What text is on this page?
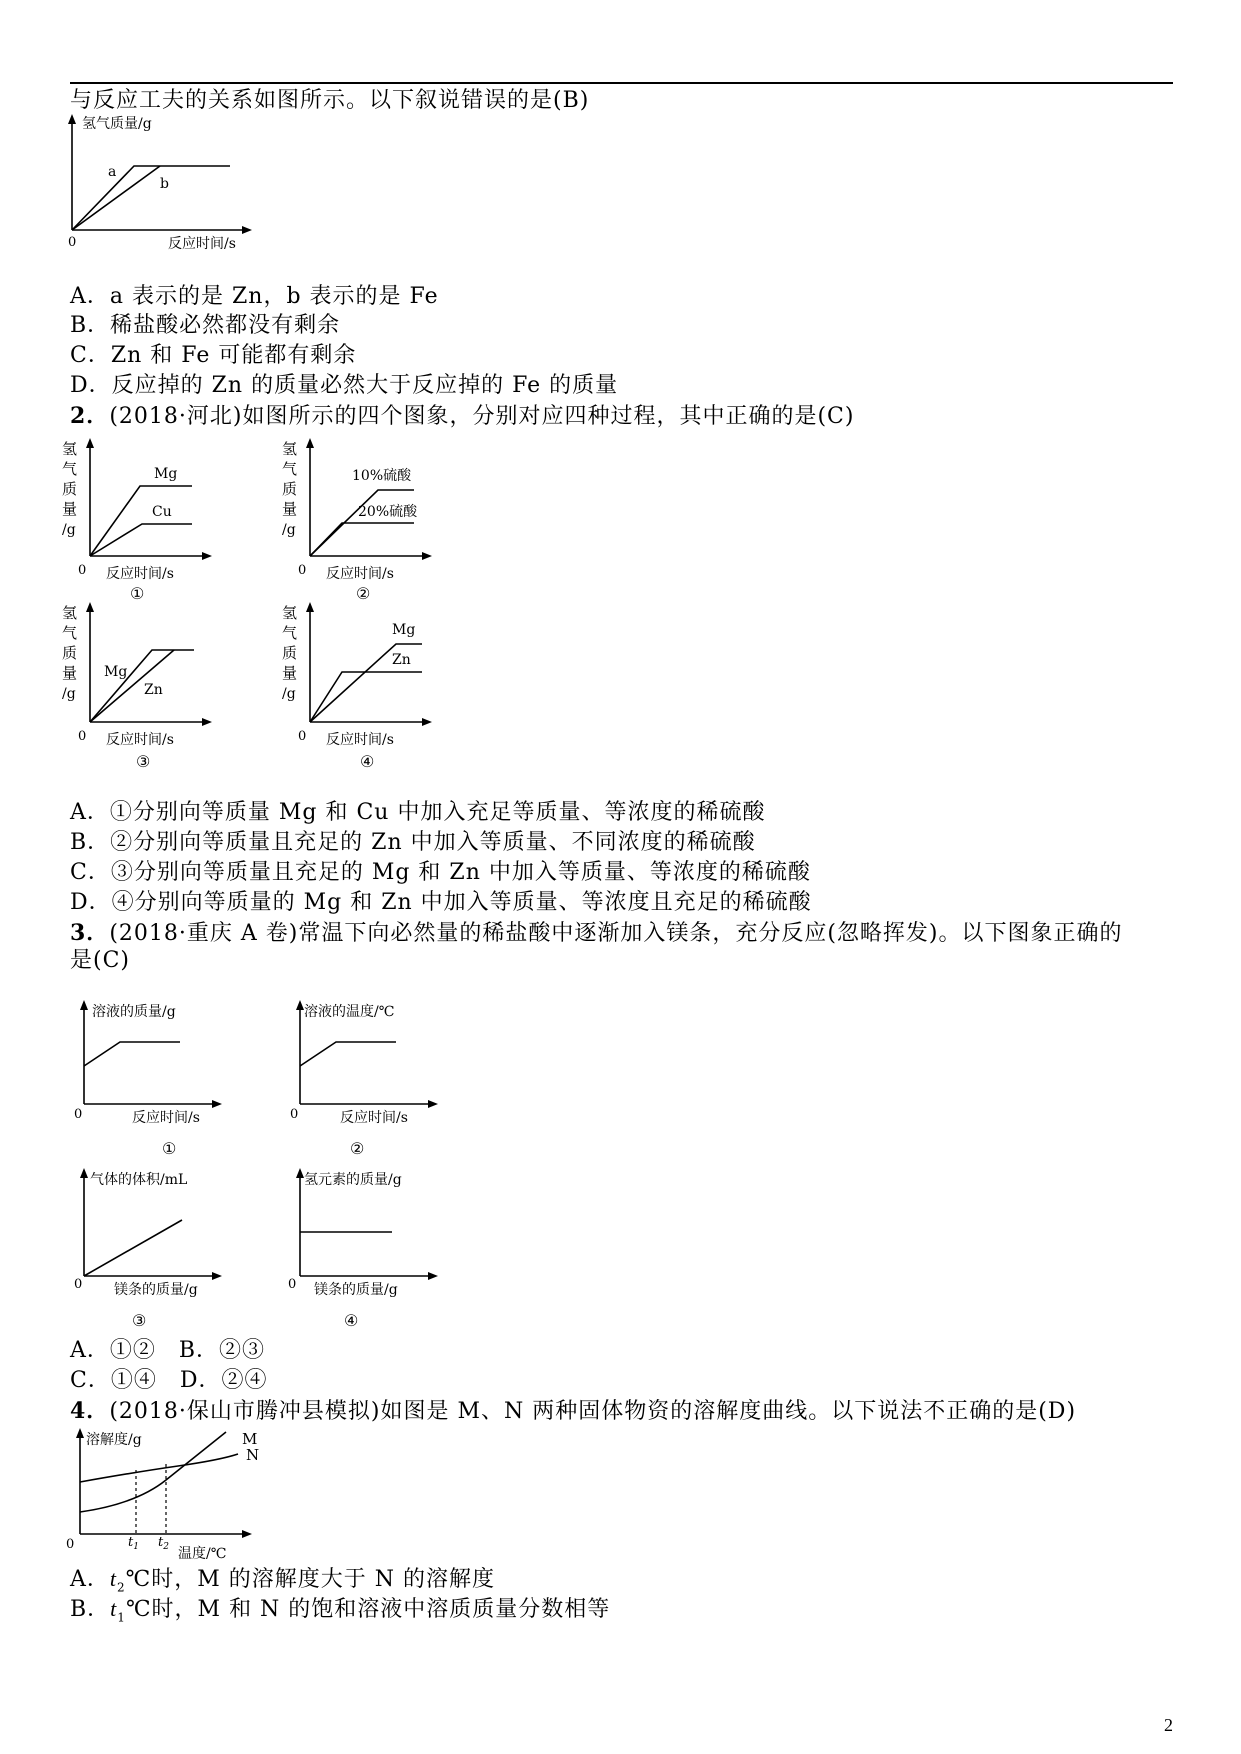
与反应工夫的关系如图所示。以下叙说错误的是(B)
氢气质量/g
a
b
0	反应时间/s
A．a 表示的是 Zn，b 表示的是 Fe
B．稀盐酸必然都没有剩余
C．Zn 和 Fe 可能都有剩余
D．反应掉的 Zn 的质量必然大于反应掉的 Fe 的质量
2．(2018·河北)如图所示的四个图象，分别对应四种过程，其中正确的是(C)
氢
气
质
量
/g
Mg
Cu
0 反应时间/s
①
氢
气
质
量
/g
10%硫酸
20%硫酸
0 反应时间/s
②
氢
气
质
量
/g
Mg
Zn
0 反应时间/s
③
氢
气
质
量
/g
Mg
Zn
0 反应时间/s
④
A．①分别向等质量 Mg 和 Cu 中加入充足等质量、等浓度的稀硫酸
B．②分别向等质量且充足的 Zn 中加入等质量、不同浓度的稀硫酸
C．③分别向等质量且充足的 Mg 和 Zn 中加入等质量、等浓度的稀硫酸
D．④分别向等质量的 Mg 和 Zn 中加入等质量、等浓度且充足的稀硫酸
3．(2018·重庆 A 卷)常温下向必然量的稀盐酸中逐渐加入镁条，充分反应(忽略挥发)。以下图象正确的
是(C)
溶液的质量/g
0	反应时间/s
①
溶液的温度/℃
0	反应时间/s
②
气体的体积/mL
0 镁条的质量/g
③
氢元素的质量/g
0 镁条的质量/g
④
A．①②　B．②③
C．①④　D．②④
4．(2018·保山市腾冲县模拟)如图是 M、N 两种固体物资的溶解度曲线。以下说法不正确的是(D)
溶解度/g	M
N
0	$t_1$ $t_2$ 温度/℃
A．$t_2℃$时，M 的溶解度大于 N 的溶解度
B．$t_1℃$时，M 和 N 的饱和溶液中溶质质量分数相等
2
